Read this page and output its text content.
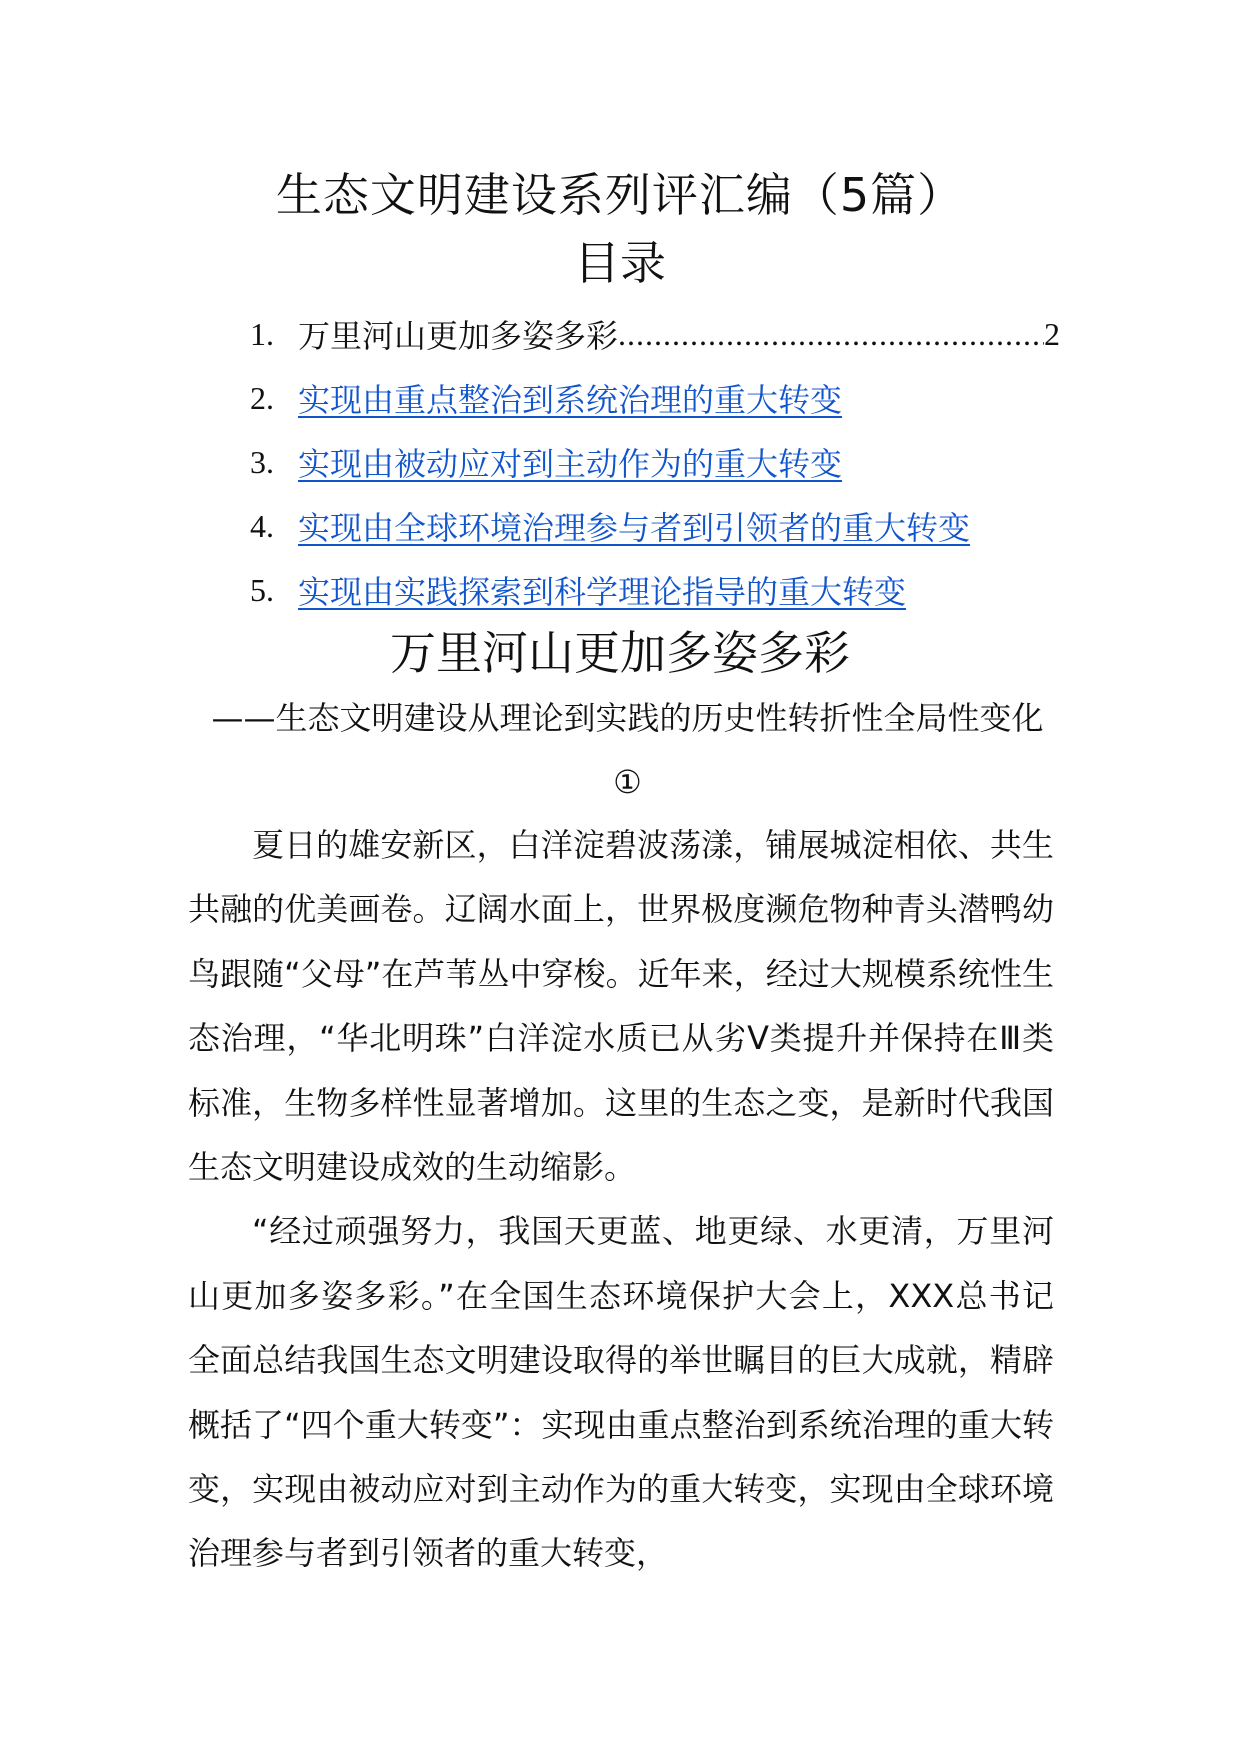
生态文明建设系列评汇编（5篇）
目录
1. 万里河山更加多姿多彩
.....	2
2. 实现由重点整治到系统治理的重大转变
3. 实现由被动应对到主动作为的重大转变
4. 实现由全球环境治理参与者到引领者的重大转变
5. 实现由实践探索到科学理论指导的重大转变
万里河山更加多姿多彩
——生态文明建设从理论到实践的历史性转折性全局性变化①

夏日的雄安新区，白洋淀碧波荡漾，铺展城淀相依、共生共融的优美画卷。辽阔水面上，世界极度濒危物种青头潜鸭幼鸟跟随“父母”在芦苇丛中穿梭。近年来，经过大规模系统性生态治理，“华北明珠”白洋淀水质已从劣Ⅴ类提升并保持在Ⅲ类标准，生物多样性显著增加。这里的生态之变，是新时代我国生态文明建设成效的生动缩影。

“经过顽强努力，我国天更蓝、地更绿、水更清，万里河山更加多姿多彩。”在全国生态环境保护大会上，XXX总书记全面总结我国生态文明建设取得的举世瞩目的巨大成就，精辟概括了“四个重大转变”：实现由重点整治到系统治理的重大转变，实现由被动应对到主动作为的重大转变，实现由全球环境治理参与者到引领者的重大转变，
